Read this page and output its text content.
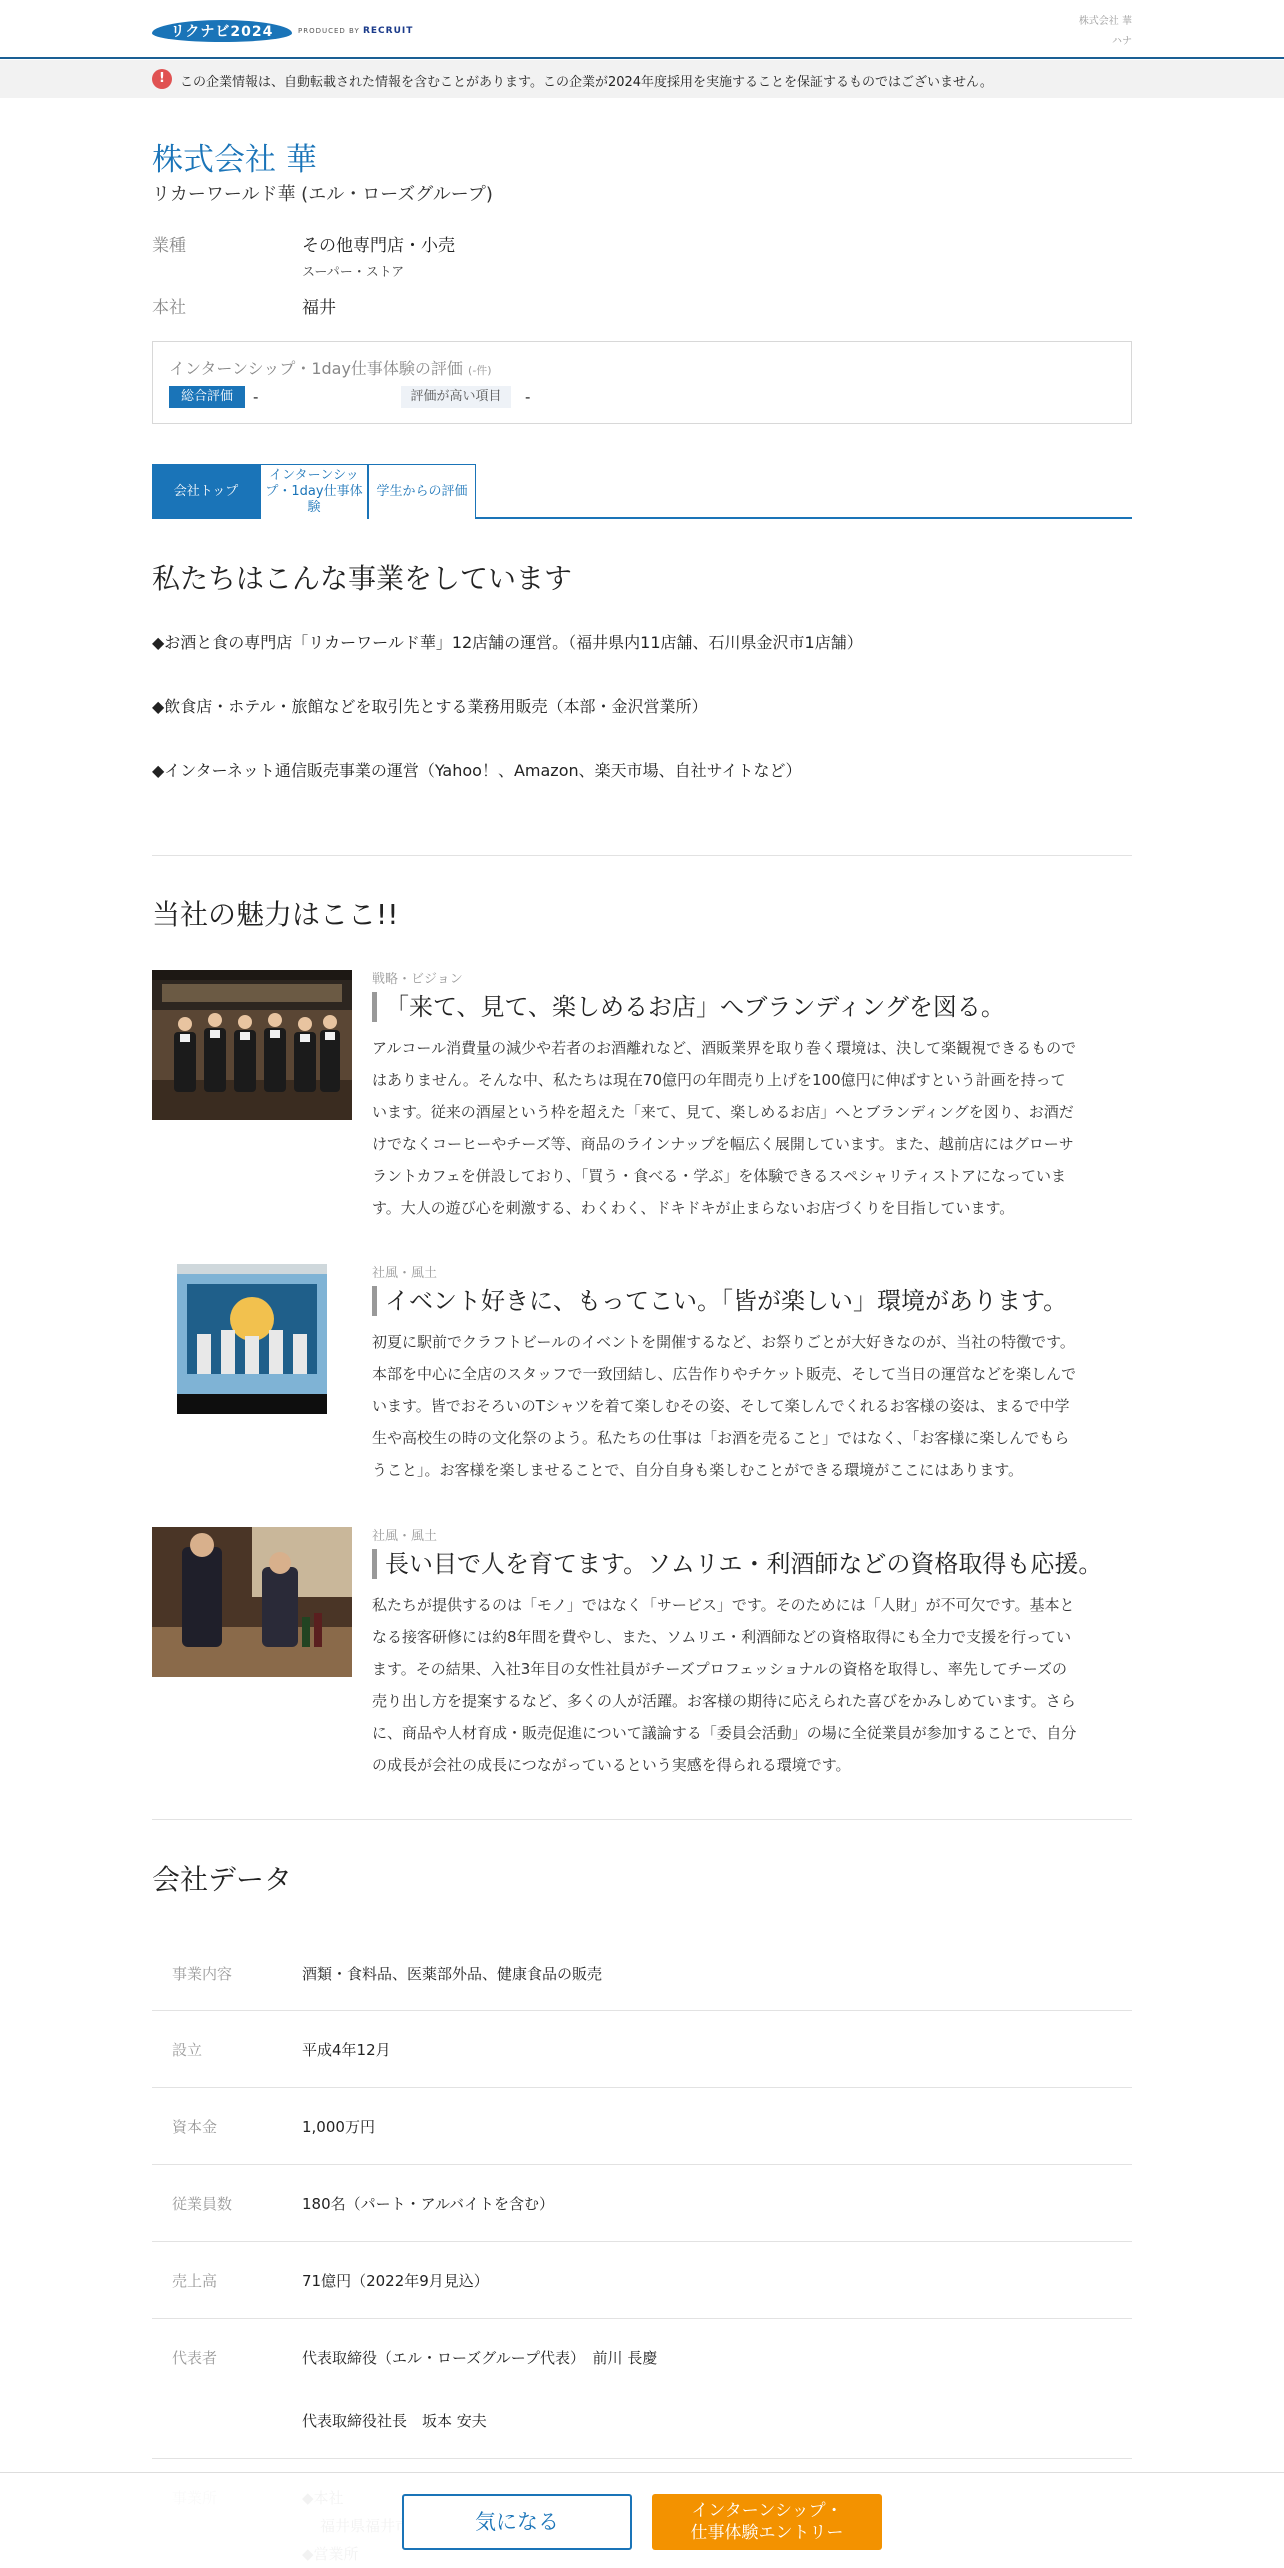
リクナビ2024	PRODUCED BY RECRUIT
株式会社 華
ハナ
!	この企業情報は、自動転載された情報を含むことがあります。この企業が2024年度採用を実施することを保証するものではございません。
株式会社 華
リカーワールド華 (エル・ローズグループ)
業種	その他専門店・小売
スーパー・ストア
本社	福井
インターンシップ・1day仕事体験の評価 (-件)
総合評価	-	評価が高い項目	-
会社トップ
インターンシップ・1day仕事体験
学生からの評価
私たちはこんな事業をしています
◆お酒と食の専門店「リカーワールド華」12店舗の運営。（福井県内11店舗、石川県金沢市1店舗）
◆飲食店・ホテル・旅館などを取引先とする業務用販売（本部・金沢営業所）
◆インターネット通信販売事業の運営（Yahoo！、Amazon、楽天市場、自社サイトなど）
当社の魅力はここ!!
戦略・ビジョン
「来て、見て、楽しめるお店」へブランディングを図る。
アルコール消費量の減少や若者のお酒離れなど、酒販業界を取り巻く環境は、決して楽観視できるもので
はありません。そんな中、私たちは現在70億円の年間売り上げを100億円に伸ばすという計画を持って
います。従来の酒屋という枠を超えた「来て、見て、楽しめるお店」へとブランディングを図り、お酒だ
けでなくコーヒーやチーズ等、商品のラインナップを幅広く展開しています。また、越前店にはグローサ
ラントカフェを併設しており、「買う・食べる・学ぶ」を体験できるスペシャリティストアになっていま
す。大人の遊び心を刺激する、わくわく、ドキドキが止まらないお店づくりを目指しています。
社風・風土
イベント好きに、もってこい。「皆が楽しい」環境があります。
初夏に駅前でクラフトビールのイベントを開催するなど、お祭りごとが大好きなのが、当社の特徴です。
本部を中心に全店のスタッフで一致団結し、広告作りやチケット販売、そして当日の運営などを楽しんで
います。皆でおそろいのTシャツを着て楽しむその姿、そして楽しんでくれるお客様の姿は、まるで中学
生や高校生の時の文化祭のよう。私たちの仕事は「お酒を売ること」ではなく、「お客様に楽しんでもら
うこと」。お客様を楽しませることで、自分自身も楽しむことができる環境がここにはあります。
社風・風土
長い目で人を育てます。ソムリエ・利酒師などの資格取得も応援。
私たちが提供するのは「モノ」ではなく「サービス」です。そのためには「人財」が不可欠です。基本と
なる接客研修には約8年間を費やし、また、ソムリエ・利酒師などの資格取得にも全力で支援を行ってい
ます。その結果、入社3年目の女性社員がチーズプロフェッショナルの資格を取得し、率先してチーズの
売り出し方を提案するなど、多くの人が活躍。お客様の期待に応えられた喜びをかみしめています。さら
に、商品や人材育成・販売促進について議論する「委員会活動」の場に全従業員が参加することで、自分
の成長が会社の成長につながっているという実感を得られる環境です。
会社データ
事業内容	酒類・食料品、医薬部外品、健康食品の販売
設立	平成4年12月
資本金	1,000万円
従業員数	180名（パート・アルバイトを含む）
売上高	71億円（2022年9月見込）
代表者	代表取締役（エル・ローズグループ代表）　前川 長慶
代表取締役社長　坂本 安夫
気になる	インターンシップ・
仕事体験エントリー
